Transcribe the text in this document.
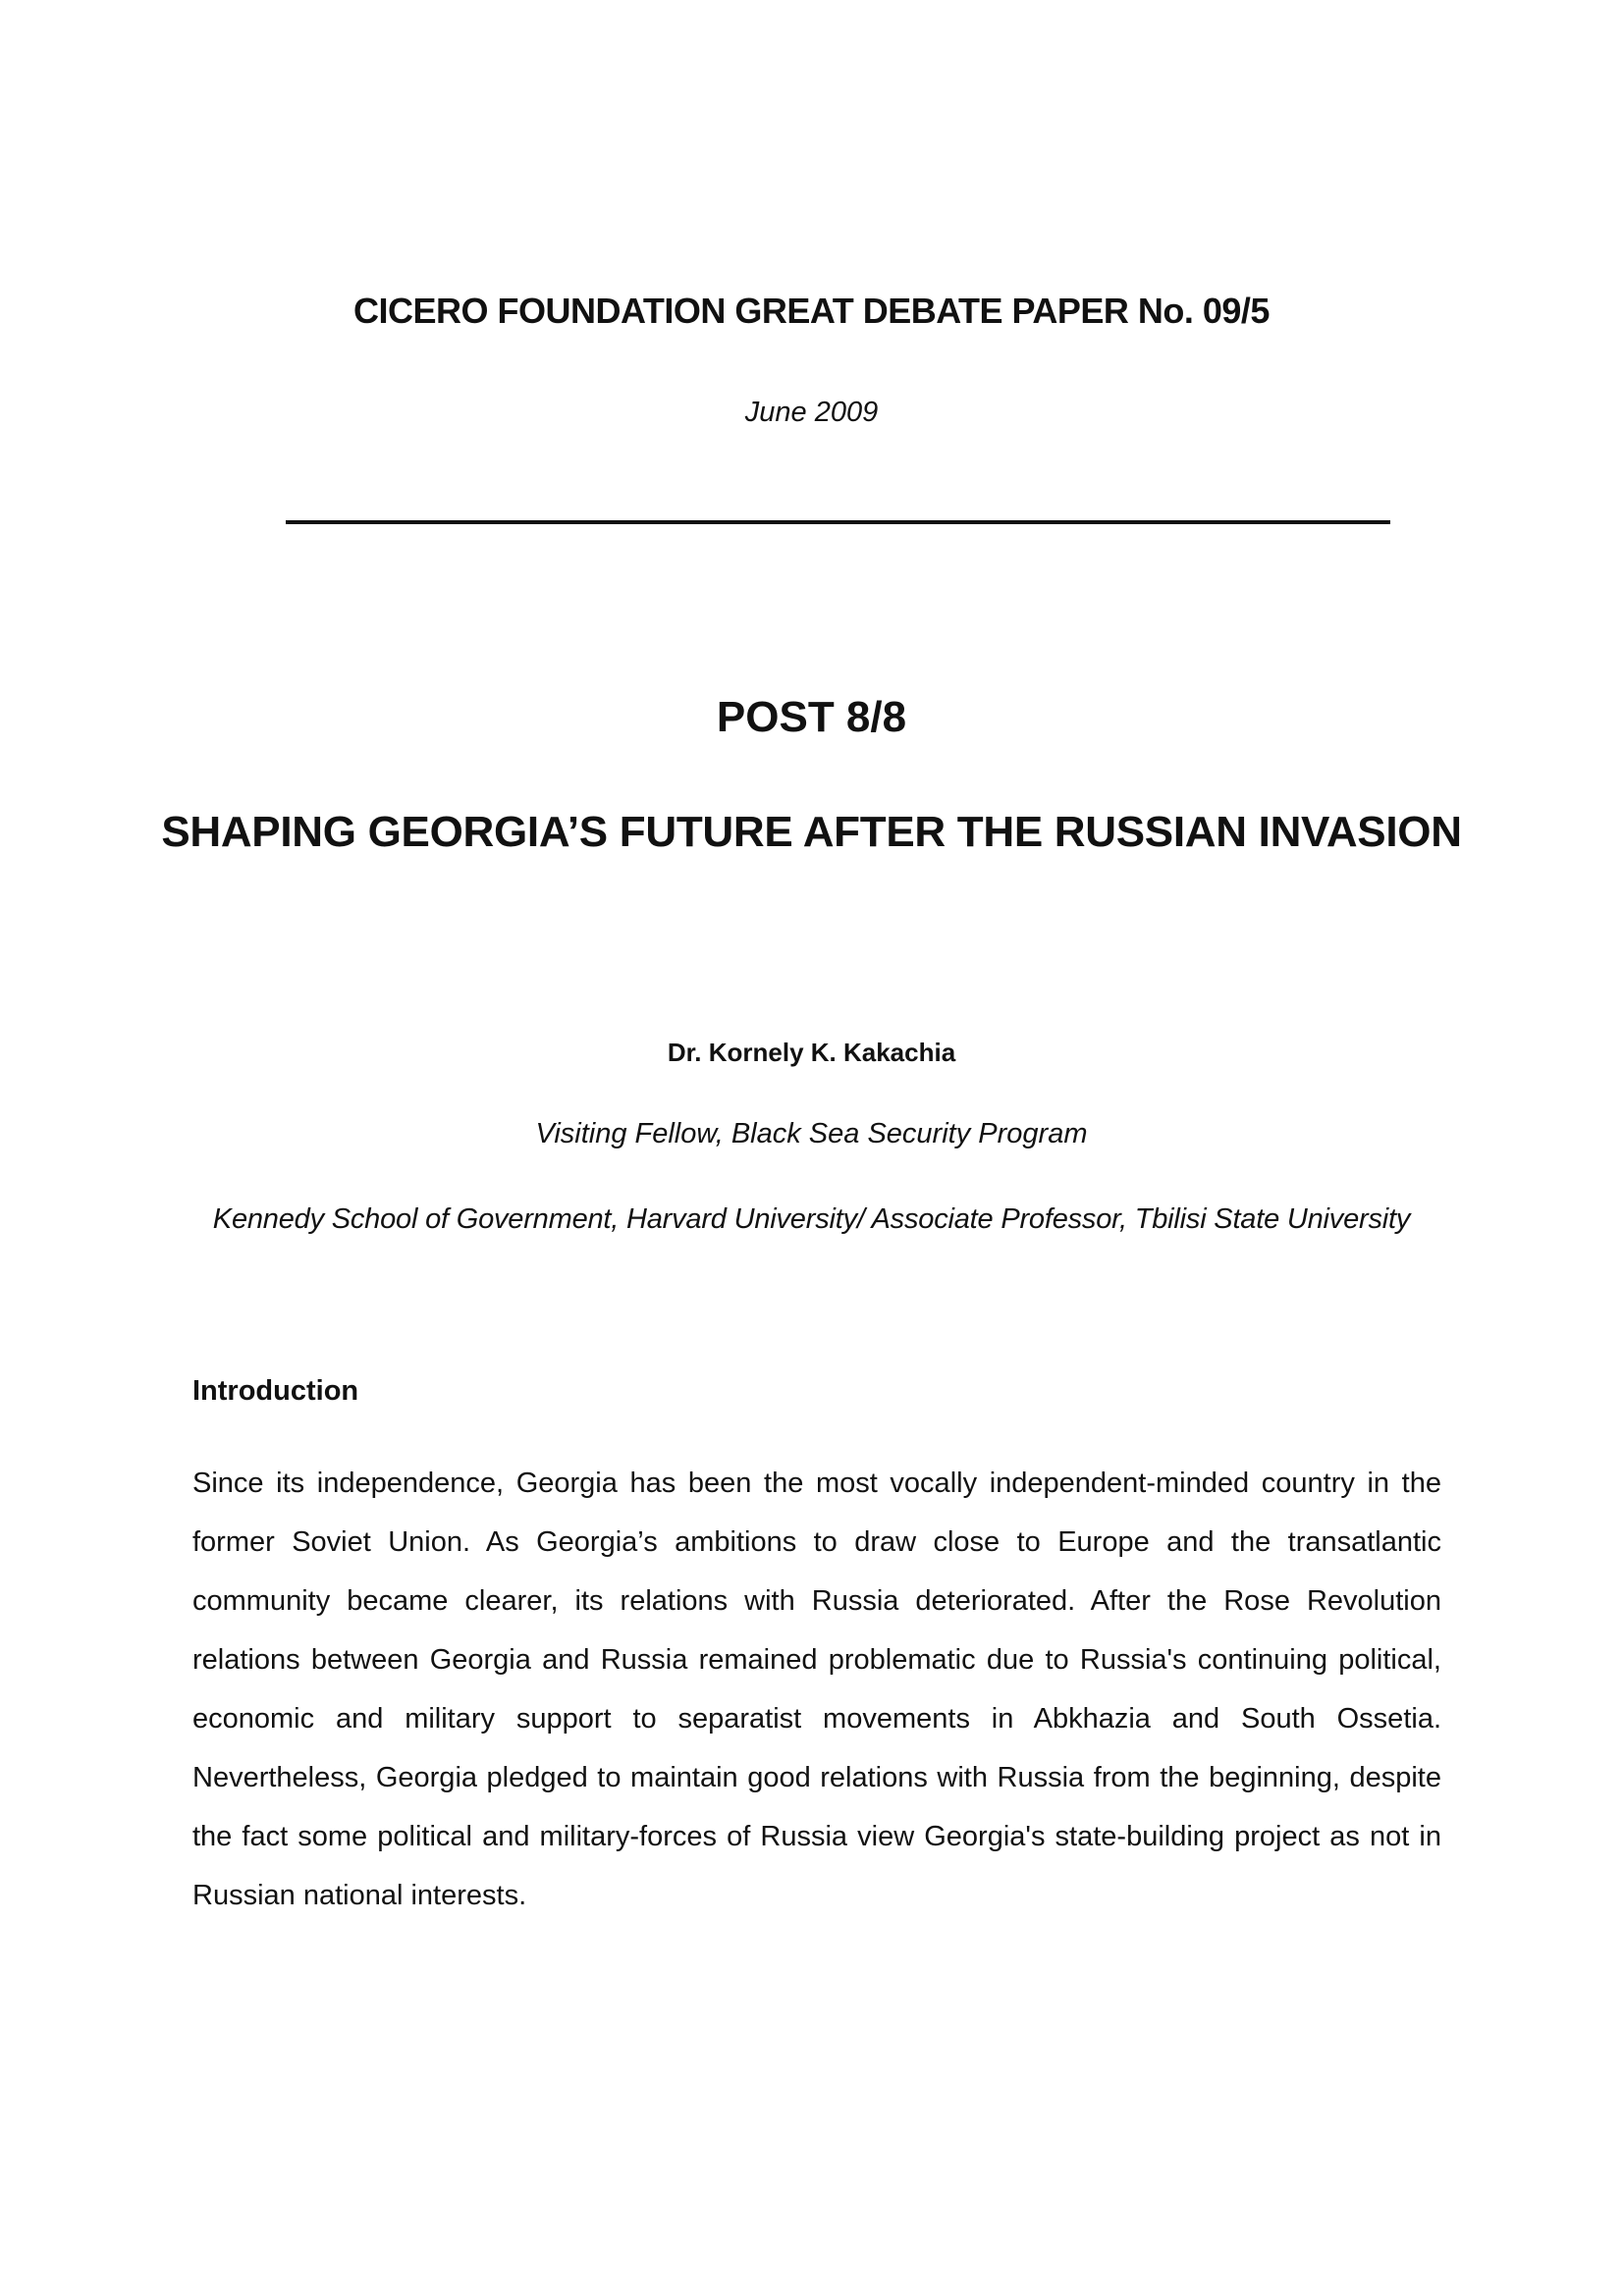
CICERO FOUNDATION GREAT DEBATE PAPER No. 09/5
June 2009
POST 8/8
SHAPING GEORGIA’S FUTURE AFTER THE RUSSIAN INVASION
Dr. Kornely K. Kakachia
Visiting Fellow, Black Sea Security Program
Kennedy School of Government, Harvard University/ Associate Professor, Tbilisi State University
Introduction

Since its independence, Georgia has been the most vocally independent-minded country in the former Soviet Union. As Georgia’s ambitions to draw close to Europe and the transatlantic community became clearer, its relations with Russia deteriorated. After the Rose Revolution relations between Georgia and Russia remained problematic due to Russia's continuing political, economic and military support to separatist movements in Abkhazia and South Ossetia. Nevertheless, Georgia pledged to maintain good relations with Russia from the beginning, despite the fact some political and military-forces of Russia view Georgia's state-building project as not in Russian national interests.
